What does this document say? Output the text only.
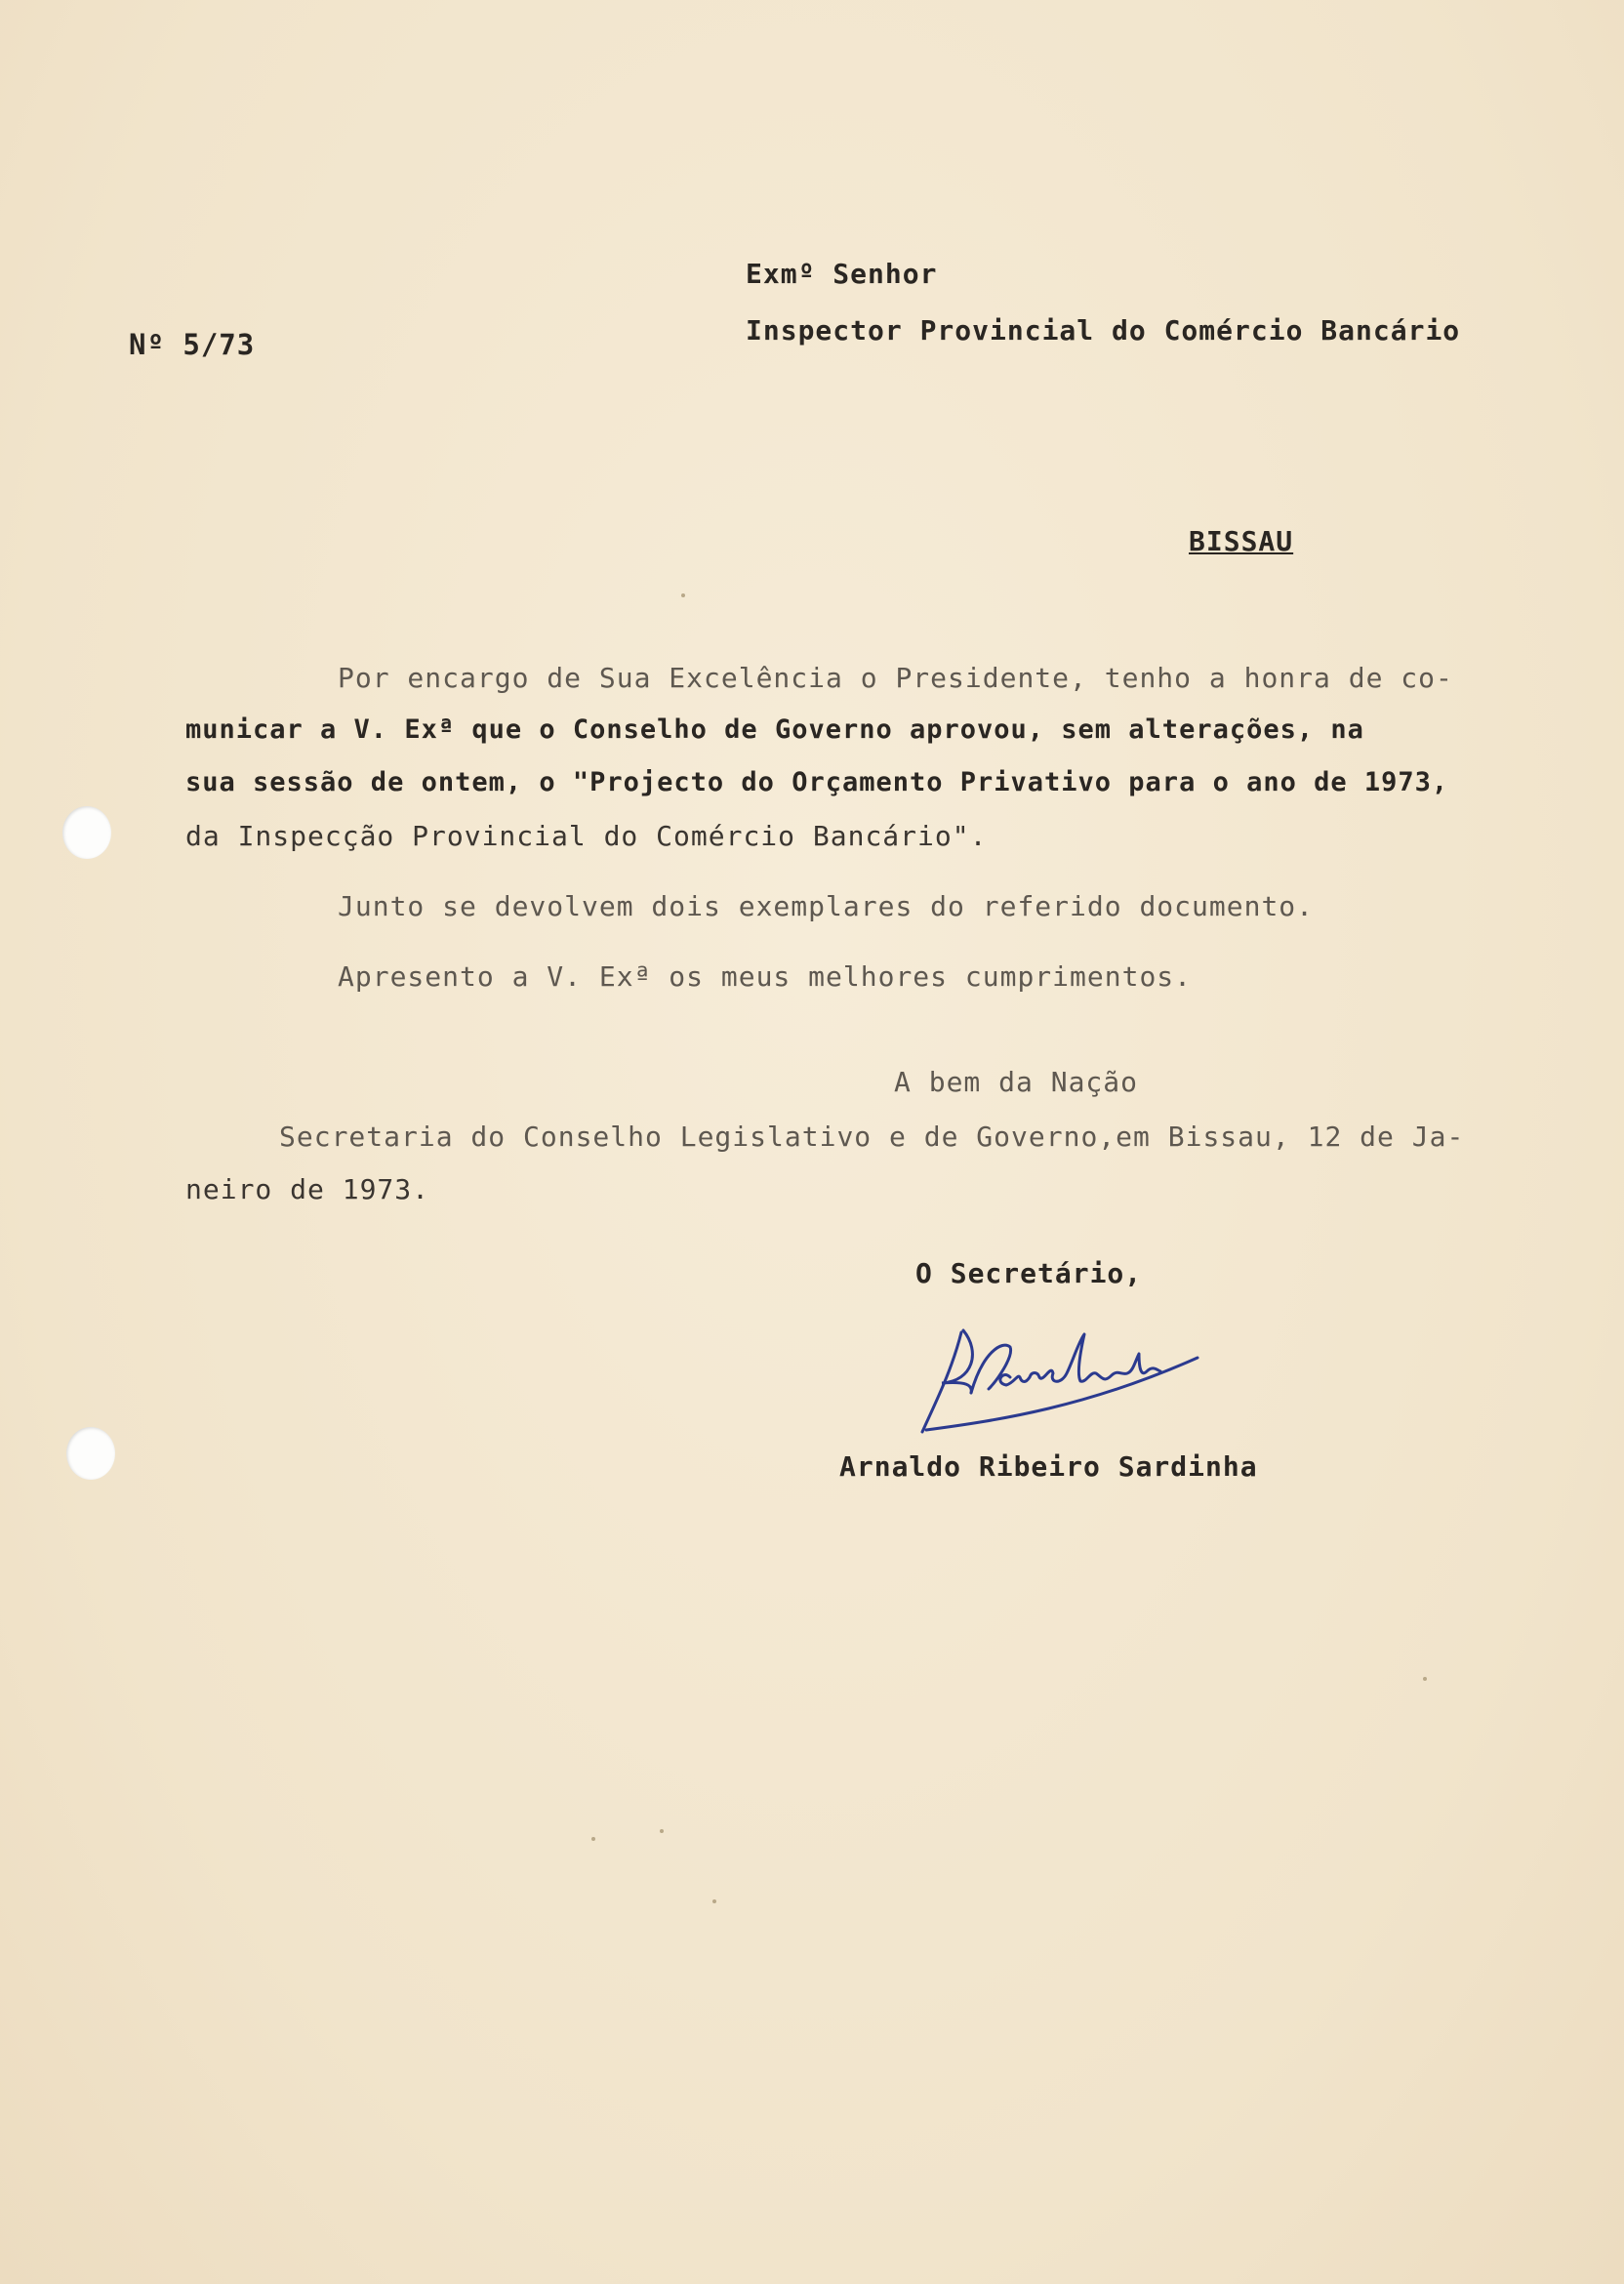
Nº 5/73
Exmº Senhor
Inspector Provincial do Comércio Bancário
BISSAU
Por encargo de Sua Excelência o Presidente, tenho a honra de co-
municar a V. Exª que o Conselho de Governo aprovou, sem alterações, na
sua sessão de ontem, o "Projecto do Orçamento Privativo para o ano de 1973,
da Inspecção Provincial do Comércio Bancário".
Junto se devolvem dois exemplares do referido documento.
Apresento a V. Exª os meus melhores cumprimentos.
A bem da Nação
Secretaria do Conselho Legislativo e de Governo,em Bissau, 12 de Ja-
neiro de 1973.
O Secretário,
Arnaldo Ribeiro Sardinha
